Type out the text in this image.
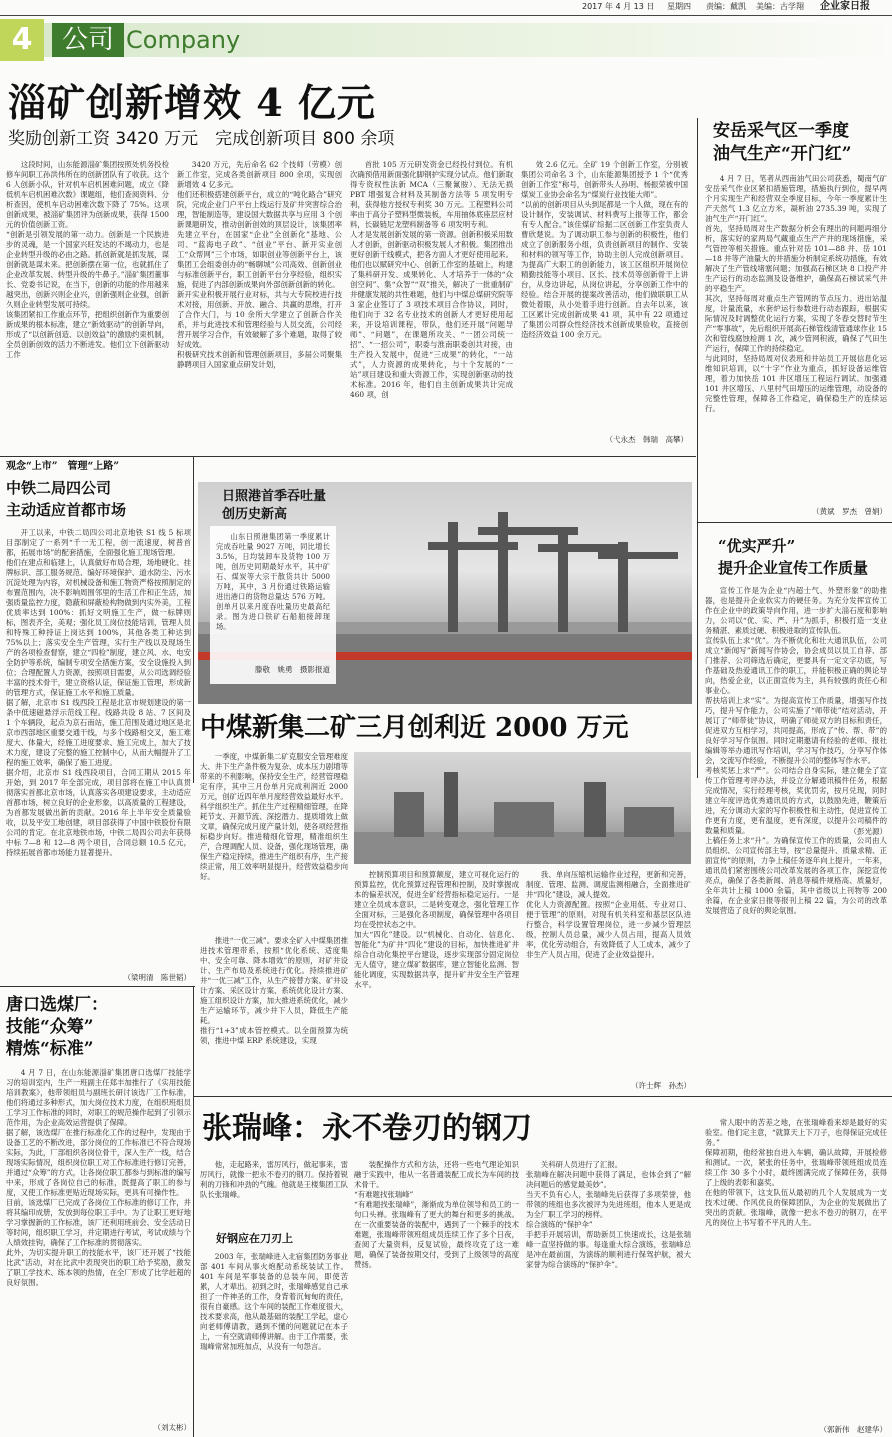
2017 年 4 月 13 日 星期四 责编：戴凯 美编：古学翔 企业家日报
4	公司 Company
淄矿创新增效 4 亿元
奖励创新工资 3420 万元　完成创新项目 800 余项
这段时间，山东能源淄矿集团按照处机务投检修车间职工孙洪伟所在的创新团队有了收获。这个 6 人创新小队，针对机车启机困难问题，成立《降低机车启机困难次数》课题组，他们查阅资料、分析查因，使机车启动困难次数下降了 75%。这项创新成果，被淄矿集团评为创新成果，获得 1500 元的价值创新工资。
“创新是引领发展的第一动力。创新是一个民族进步的灵魂，是一个国家兴旺发达的不竭动力，也是企业转型升级的必由之路。抓创新就是抓发展，谋创新就是谋未来。把创新摆在第一位，也就抓住了企业改革发展、转型升级的牛鼻子。”淄矿集团董事长、党委书记说，在当下，创新的功能的作用越来越突出，创新兴则企业兴，创新强则企业强，创新久则企业转型发展可持续。
该集团紧扣工作重点环节，把组织创新作为重要创新成果的根本标准，建立“新效驱动”的创新导向，形成了“以创新创造、以创效益”的激励约束机制，全员创新创效的活力不断进发。他们立下创新驱动工作
3420 万元，先后命名 62 个技师（劳模）创新工作室，完成各类创新项目 800 余项，实现创新增效 4 亿多元。
他们还积极搭建创新平台，成立的“吨化路合”研究院，完成企业门户平台上线运行及矿井突害综合治理，智能制造等，建设国大数据共享与应用 3 个创新课题研发，推动创新创效的顶层设计，该集团率先建立平台，在国家“企业”全创新化”基地、公司、“蓝海电子政”、“创业”平台、新开实业创工“众帮网”三个市场，如职创业等创新平台上，该集团工会组委创办的“畅聊城”公司高效、创新创业与标准创新平台，职工创新平台分享经验，组织实施，促进了内部创新成果向外部创新创新的转化。
新开实业积极开展行业对标，共与大专院校进行技术对接，用创新、开放、融合、共赢的思维，打开了合作大门，与 10 余所大学建立了创新合作关系，并与此进技术和管理经验与人员交流，公司经营开展学习合作，有效破解了多个难题，取得了较好成效。
积极研究技术创新和管理创新项目，多届公司聚集静聘项目入国家重点研发计划，
首批 105 万元研发资金已经投付到位。有机次确预借用新面强化脚钢护实现分试点。他们新取得专资权性法新 MCA（三聚氰胺）、无法无损 PBT 增强复合材料及其制备方法等 5 项发明专利，获得他方授权专利奖 30 万元。工程塑料公司率由于高分子塑料型微装板，车用抽体底座层应材料，长碳链尼龙塑料制备等 6 项发明专利。
人才是发展创新发展的第一资源。创新积极采用数人才创新，创新驱动积极发展人才积极。集团推出更好创新干线模式，把各方面人才更好使用起来。他们也以赋研究中心、创新工作室的基础上，构建了集科研开发、成果转化、人才培养于一体的“众创空间”、集“众智”“双”推关，解决了一批重制矿井健康发展的共性难题，他们与中煤总煤研究院等 3 家企业签订了 3 项技术项目合作协议，同时，他们向于 32 名专业技术的创新人才更好使用起来，开设培训课程，带队，他们还开展“问题导师”、“问题”，在课题所攻关、“一团公司统一招”、“一招公司”，职委与淮南职委创共对接，由生产投入发展中，促进“三成果”的转化，“一站式”，人力资源的成果转化，与十个发展的“一站”项目建设和重大资源工作，实现创新驱动的技术标准。2016 年，他们自主创新成果共计完成 460 项，创
效 2.6 亿元。全矿 19 个创新工作室，分别被集团公司命名 3 个，山东能源集团授予 1 个“优秀创新工作室”称号，创新带头人孙明、杨振荣被中国煤炭工业协会命名为“煤炭行业技能大师”。
“以前的创新项目从头到尾都是一个人做，现在有的设计制作，安装调试、材料费写上报等工作，都会有专人配合。”该佳煤矿综掘二区创新工作室负责人曹欣楚说。为了调动职工参与创新的积极性，他们成立了创新服务小组，负责创新项目的制作、安装和材料的领写等工作，协助主创人完成创新项目。为提高广大职工的创新能力，该工区组织开展岗位精勤技能等小项目、区长、技术员等创新骨干上讲台，从身边讲起，从岗位讲起，分享创新工作中的经验。结合开展的提案改善活动，他们做联职工从微处着眼，从小处着手进行创新。自去年以来，该工区累计完成创新成果 41 项，其中有 22 项通过了集团公司群众性经济技术创新成果验收，直接创造经济效益 100 余万元。
（弋永杰　韩瑞　高攀）
安岳采气区一季度
油气生产“开门红”
4 月 7 日，笔者从西南油气田公司获悉，蜀南气矿安岳采气作业区紧扣措施管理，措施执行到位，提早两个月实现生产和经营双全季度目标，今年一季度累计生产天然气 1.3 亿立方米，凝析油 2735.39 吨，实现了油气生产“开门红”。
首先，坚持局周对生产数据分析会有理出的问题再细分析，落实好的家两局气藏重点生产产井的现场措施，采气管控等相关措施。重点针对岳 101—88 井、岳 101—18 井等产油量大的井措施分析制定系统功措施，有效解决了生产管线堵塞问题；加强高石梯区块 8 口投产井生产运行的动态监测及设备维护，确保高石梯试采气井的平稳生产。
其次，坚持每周对重点生产管网的节点压力、进出站温度，计量流量，水套炉运行参数进行动态跟踪，根据实际情况及时调整优化运行方案，实现了冬春交替时节生产“零事故”，先后组织开展高石梯管线清管通球作业 15 次和管线腐蚀检测 1 次，减少管网积液，确保了气田生产运行，保障工作的持续稳定。
与此同时，坚持局周对仪表班和井站员工开展信息化运维知识培训，以“十字”作业为重点，抓好设备运维管理，着力加快岳 101 井区增压工程运行调试、加强通 101 井区增压、八里村气田增压的运维管理，动设备的完整性管理，保障各工作稳定，确保稳生产的连续运行。
（黄斌　罗杰　曾娟）
“优实严升”
提升企业宣传工作质量
宣传工作是为企业“内超士气、外塑形象”的助推器，也是提升企业软实力的硬任务。为充分发挥宣传工作在企业中的政策导向作用，进一步扩大淄石度和影响力，公司以“优、实、严、升”为抓手，积极打造一支业务精湛、素质过硬、积极进取的宣传队伍。
宣传队伍上求“优”。为不断优化和壮大通讯队伍，公司成立“新闻写”新闻写作协会，协会成员以员工自荐、部门推荐、公司筛选后确定，更要具有一定文字功底，写作基础及热爱通讯工作的职工，并能积极正确的舆论导向，热爱企业，以正面宣传为主，具有较强的责任心和事业心。
帮扶培训上求“实”。为提高宣传工作质量，增强写作技巧，提升写作能力，公司实施了“师带徒”结对活动，开展订了“师带徒”协议，明确了师徒双方的目标和责任，促进双方互相学习，共同提高，形成了“传、帮、带”的良好学习写作氛围。同时定期邀请有经验的老师、报社编辑等举办通讯写作培训，学习写作技巧，分享写作体会，交流写作经验，不断提升公司的整体写作水平。
考核奖惩上求“严”。公司结合自身实际，建立健全了宣传工作管理考评办法，并设立分解通讯稿件任务，根据完成情况，实行经理考核，奖优罚劣，按月兑现，同时建立年度评选优秀通讯员的方式，以鼓励先进，鞭策后进，充分调动大家的写作积极性和主动性，促进宣传工作更有力度，更有温度，更有深度，以提升公司稿件的数量和质量。
上稿任务上求“升”。为确保宣传工作的质量，公司由人员组织、公司宣传部主导，按“总量提升、质量求精、正面宣传”的原则，力争上稿任务逐年向上提升，一年来，通讯员们紧密围绕公司改革发展的各项工作，深挖宣传亮点，确保了各类新闻、消息等稿件规格高、质量好，全年共计上稿 1000 余篇，其中省级以上刊物等 200 余篇，在企业家日报等报刊上稿 22 篇，为公司的改革发展营造了良好的舆论氛围。
（彭光源）
观念“上市”　管理“上路”
中铁二局四公司
主动适应首都市场
开工以来，中铁二局四公司北京地铁 S1 线 5 标项目部制定了一系列“千一无工程，创一流速度，树普首都，拓展市场”的配套措施，全面强化施工现场管理。
他们在建点和临建上，认真做好布局合理，场地硬化、挂牌标识、部工服务规范、编好环境保护、道水防尘、污水沉淀处理为内容，对机械设备和施工物资严格按照制定的布置范围内，决不影响周围邻里的生活工作和正生活，加强质量监控力度，隐蔽和屏蔽检构物做到内实外美，工程优质率达到 100%：抓好文明施工生产，做一标牌则标，图表齐全，美观；强化员工岗位技能培训，管理人员和特殊工种持证上岗达到 100%，其他各类工种达到 75%以上；落实安全生产管理，实行生产线以及现场生产的各项检查督察，建立“四检”制度，建立风、水、电安全防护等系统，编制专项安全措施方案，安全设施投入到位；合理配置人力资源，按照项目需要，从公司选调经验丰富的技术骨干，建立资格认证，保证施工管理，形成新的管理方式，保证施工水平和施工质量。
据了解，北京市 S1 线西段工程是北京市规划建设的第一条中低速磁悬浮示范线工程。线路共设 8 站、7 区间及 1 个车辆段，起点为京石南站，施工范围及通过地区是北京市西部地区重要交通干线，与多个线路相交叉，施工难度大、体量大，经施工进度要求、施工完成上，加大了技术力度，建设了完整的施工控制中心，从而大幅提升了工程的施工效率，确保了施工进度。
据介绍，北京市 S1 线西段项目，合同工期从 2015 年开始，到 2017 年全部完成，项目部将在施工中认真贯彻落实首都北京市场，认真落实各项建设要求，主动适应首都市场，树立良好的企业形象，以高质量的工程建设，为首都发展做出新的贡献。2016 年上半年安全质量验收，以及平安工地创建，项目部获得了中国中铁股份有限公司的肯定。在北京地铁市场，中铁二局四公司去年获得中标 7—8 和 12—8 两个项目，合同总额 10.5 亿元，持续拓展首都市场能力显著提升。
（梁明清　陈世韬）
日照港首季吞吐量
创历史新高
山东日照港集团第一季度累计完成吞吐量 9027 万吨，同比增长 3.5%，日均装卸车及货物 100 万吨，创历史同期最好水平，其中矿石、煤炭等大宗干散货共计 5000 万吨，其中，3 月份通过铁路运输进出港口的货物总量达 576 万吨。创单月以来月度吞吐量历史最高纪录。图为进口铁矿石船舶接卸现场。
滕敬　姚勇　摄影报道
中煤新集二矿三月创利近 2000 万元
一季度，中煤新集二矿克服安全管理难度大、井下生产条件极为复杂、成本压力剧增等带来的不利影响，保持安全生产，经营管理稳定有序，其中三月份单月完成利润近 2000 万元，创矿近四年单月度经营效益最好水平。
科学组织生产。抓住生产过程精细管理，在降耗节支、开源节流、深挖潜力、提质增效上做文章，确保完成月度产量计划，使各项经营指标稳步向好。推进精细化管理，精准组织生产，合理调配人员、设备，强化现场管理，确保生产稳定持续，推进生产组织有序，生产接续正常，用工效率明显提升，经营效益稳步向好。
推进“一优三减”。要求全矿入中煤集团推进技术管理带系，按照“优化系统、适度集中、安全可靠、降本增效”的原则，对矿井设计、生产布局及系统进行优化。持续推进矿井“一优三减”工作，从生产接替方案、矿井设计方案、采区设计方案、系统优化设计方案、施工组织设计方案，加大推进系统优化，减少生产运输环节，减少井下人员，降低生产能耗。
推行“1+3”成本管控模式。以全面预算为统领，推进中煤 ERP 系统建设，实现
控制预算项目和预算额度，建立可视化运行的预算监控，优化预算过程管理和控制，及时掌握成本的偏差状况，促进全矿经营指标稳定运行。一是建立全员成本意识，二是转变观念，强化管理工作全面对标，三是强化各项制度，确保管理中各项目均在受控状态之中。
加大“四化”建设。以“机械化、自动化、信息化、智能化”为矿井“四化”建设的目标，加快推进矿井综合自动化集控平台建设，逐步实现部分固定岗位无人值守，建立煤矿数据库，建立智能化监测、智能化调度，实现数据共享，提升矿井安全生产管理水平。
我、单向压缩机运输作业过程，更新和完善，制度、管理、监测、调度监测相融合，全面推进矿井“四化”建设，减人提效。
优化人力资源配置。按照“企业用低、专业对口、便于管理”的原则，对现有机关科室和基层区队进行整合，科学设置管理岗位，进一步减少管理层级，控制人员总量，减少人员占用，提高人员效率，优化劳动组合，有效降低了人工成本，减少了非生产人员占用，促进了企业效益提升。
（许士辉　孙杰）
唐口选煤厂：
技能“众筹”
精炼“标准”
4 月 7 日，在山东能源淄矿集团唐口选煤厂技能学习的培训室内，生产一班副主任郑丰加推行了《实用技能培训教案》，他带领组员与副班长研讨该选厂工作标准，他们将通过多种形式，加大岗位技术力度，在组织班组员工学习工作标准的同时，对职工的规范操作起到了引领示范作用，为企业高效运营提供了保障。
据了解，该选煤厂在推行标准化工作的过程中，发现由于设备工艺的不断改进，部分岗位的工作标准已不符合现场实际，为此，厂部组织各岗位骨干，深入生产一线，结合现场实际情况，组织岗位职工对工作标准进行修订完善，并通过“众筹”的方式，让各岗位职工都参与到标准的编写中来，形成了各岗位自己的标准，既提高了职工的参与度，又使工作标准更贴近现场实际，更具有可操作性。
目前，该选煤厂已完成了各岗位工作标准的修订工作，并将其编印成册，发放到每位职工手中。为了让职工更好地学习掌握新的工作标准，该厂还利用班前会、安全活动日等时间，组织职工学习，并定期进行考试，考试成绩与个人绩效挂钩，确保了工作标准的贯彻落实。
此外，为切实提升职工的技能水平，该厂还开展了“技能比武”活动，对在比武中表现突出的职工给予奖励，激发了职工学技术、练本领的热情，在全厂形成了比学赶超的良好氛围。
（刘太彬）
张瑞峰：永不卷刃的钢刀
他，走起路来，雷厉风行，做起事来，雷厉风行，就像一把永不卷刃的钢刀。保持着锐利的刀锋和冲劲的气魄。他就是王楼集团工队队长张瑞峰。
好钢应在刀刃上
2003 年，张瑞峰进入北宿集团防务事业部 401 车间从事火炮配动系统装试工作。401 车间是军事装备的总装车间，即使苦累，人才辈出。初到之时，张瑞峰感觉自己承担了一件神圣的工作，身背着沉甸甸的责任，很有自豪感。这个车间的装配工作难度很大，技术要求高，他从最基础的装配工学起，虚心向老师傅请教，遇到不懂的问题就记在本子上，一有空就请师傅讲解。由于工作需要，张瑞峰常常加班加点，从没有一句怨言。
装配操作方式和方法，还将一些电气理论知识融于实践中，他从一名普通装配工成长为车间的技术骨干。
“有难题找张瑞峰”
“有难题找张瑞峰”，渐渐成为单位领导和员工的一句口头禅。张瑞峰有了更大的舞台和更多的挑战。在一次重要装备的装配中，遇到了一个棘手的技术难题，张瑞峰带领班组成员连续工作了多个日夜，查阅了大量资料，反复试验，最终攻克了这一难题，确保了装备按期交付，受到了上级领导的高度赞扬。
关科研人员进行了汇报。
张瑞峰在解决问题中获得了满足，也体会到了“解决问题后的感觉最美妙”。
当天不负有心人，张瑞峰先后获得了多项荣誉，他带领的班组也多次被评为先进班组，他本人更是成为全厂职工学习的榜样。
综合演练的“保护伞”
手把手开展培训，帮助新员工快速成长，这是张瑞峰一直坚持做的事。每逢重大综合演练，张瑞峰总是冲在最前面，为演练的顺利进行保驾护航，被大家誉为综合演练的“保护伞”。
常人眼中的苦差之地，在张瑞峰看来却是最好的实验室。他们定主意，“就算天上下刀子，也得保证完成任务。”
保障初期，他经常独自进入车辆，确认故障，开展检修和测试。一次，紧张的任务中，张瑞峰带领班组成员连续工作 30 多个小时，最终圆满完成了保障任务，获得了上级的表彰和嘉奖。
在他的带领下，这支队伍从最初的几个人发展成为一支技术过硬、作风优良的保障团队，为企业的发展做出了突出的贡献。张瑞峰，就像一把永不卷刃的钢刀，在平凡的岗位上书写着不平凡的人生。
（郭新伟　赵建华）
